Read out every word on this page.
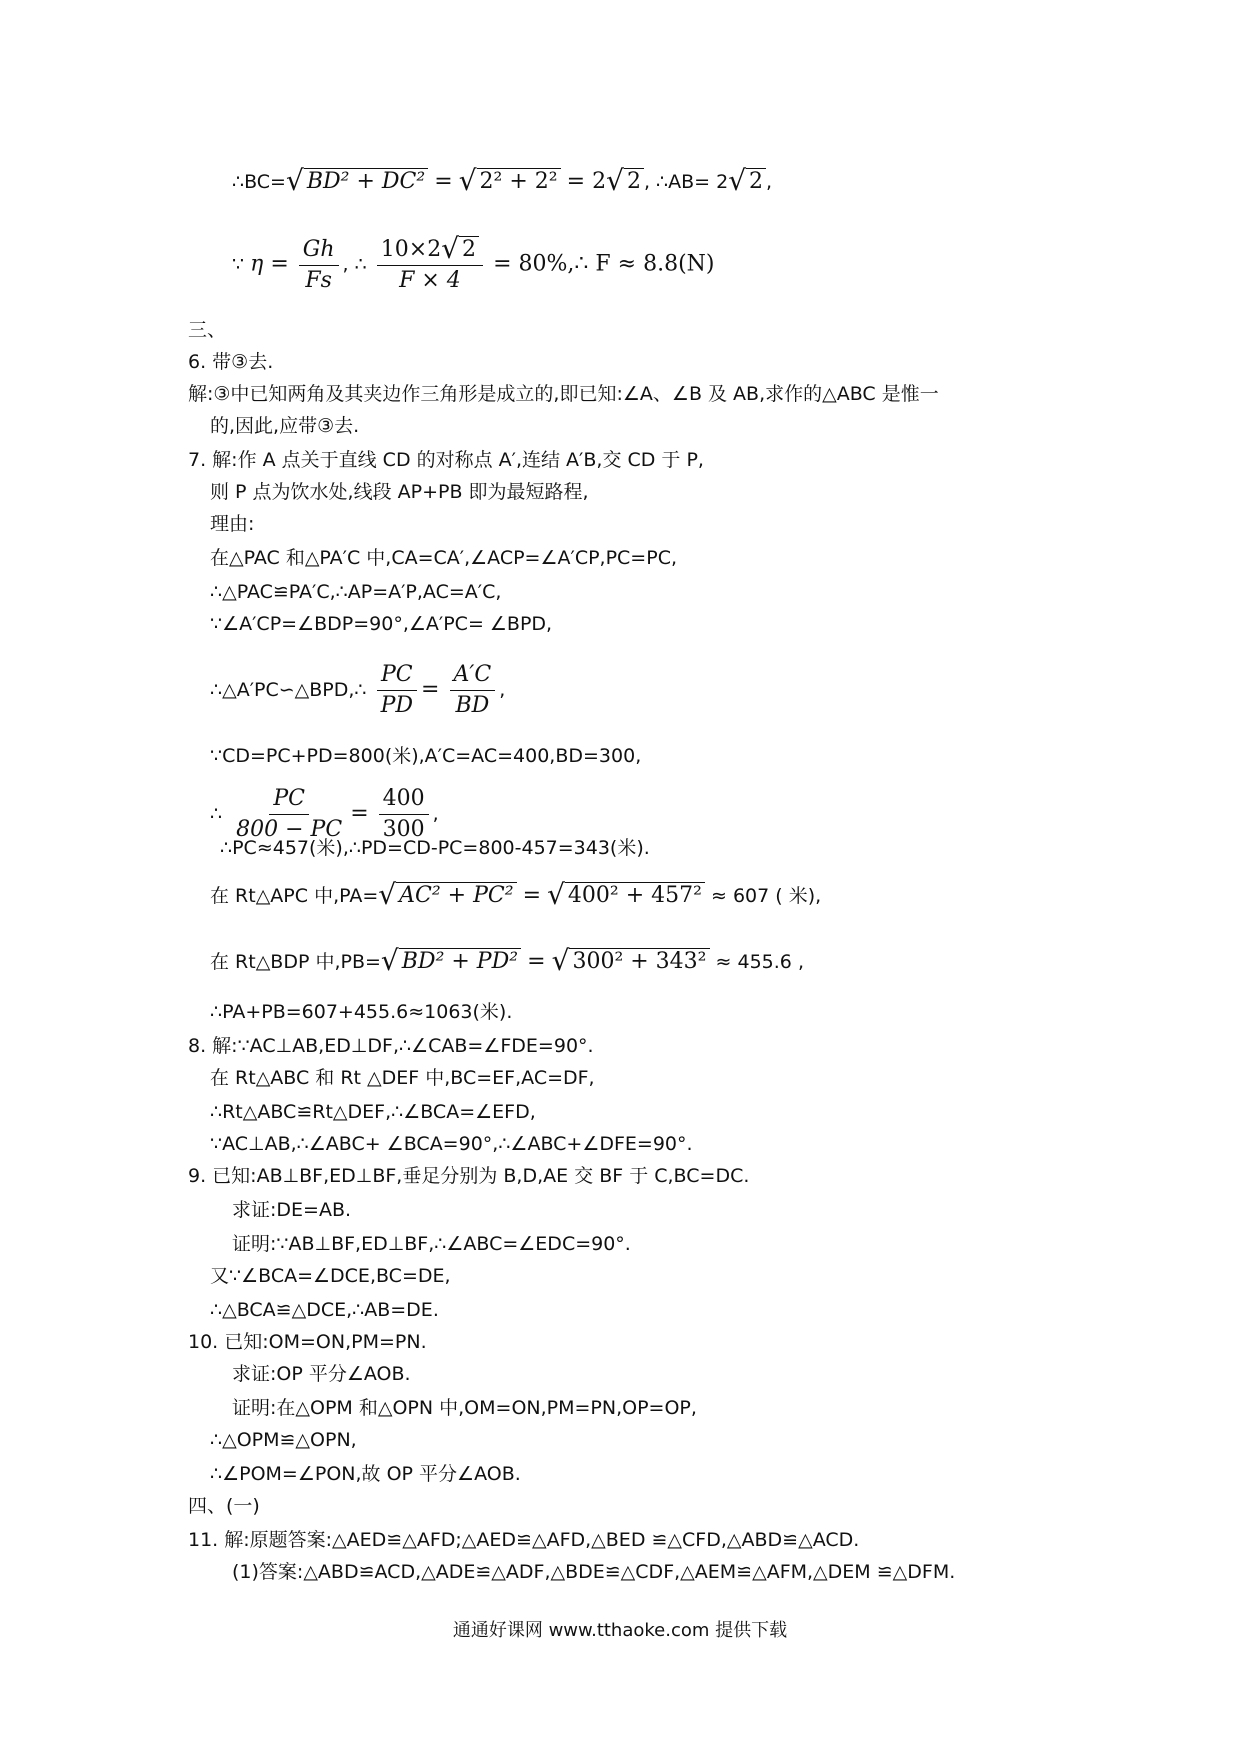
∴BC=√ BD² + DC² = √ 2² + 2² = 2√ 2 , ∴AB= 2√ 2 ,
∵ $\eta = \frac{Gh}{Fs}$ , ∴ $\frac{10\times 2√ 2}{F \times 4}$ = 80%,∴ F ≈ 8.8(N)
三、
6. 带③去.
解:③中已知两角及其夹边作三角形是成立的,即已知:∠A、∠B 及 AB,求作的△ABC 是惟一
的,因此,应带③去.
7. 解:作 A 点关于直线 CD 的对称点 A′,连结 A′B,交 CD 于 P,
则 P 点为饮水处,线段 AP+PB 即为最短路程,
理由:
在△PAC 和△PA′C 中,CA=CA′,∠ACP=∠A′CP,PC=PC,
∴△PAC≌PA′C,∴AP=A′P,AC=A′C,
∵∠A′CP=∠BDP=90°,∠A′PC= ∠BPD,
∴△A′PC∽△BPD,∴ $\frac{PC}{PD} = \frac{A'C}{BD}$ ,
∵CD=PC+PD=800(米),A′C=AC=400,BD=300,
∴ $\frac{PC}{800 - PC} = \frac{400}{300}$ ,
∴PC≈457(米),∴PD=CD-PC=800-457=343(米).
在 Rt△APC 中,PA=√ AC² + PC² = √ 400² + 457² ≈ 607 ( 米),
在 Rt△BDP 中,PB=√ BD² + PD² = √ 300² + 343² ≈ 455.6 ,
∴PA+PB=607+455.6≈1063(米).
8. 解:∵AC⊥AB,ED⊥DF,∴∠CAB=∠FDE=90°.
在 Rt△ABC 和 Rt △DEF 中,BC=EF,AC=DF,
∴Rt△ABC≌Rt△DEF,∴∠BCA=∠EFD,
∵AC⊥AB,∴∠ABC+ ∠BCA=90°,∴∠ABC+∠DFE=90°.
9. 已知:AB⊥BF,ED⊥BF,垂足分别为 B,D,AE 交 BF 于 C,BC=DC.
求证:DE=AB.
证明:∵AB⊥BF,ED⊥BF,∴∠ABC=∠EDC=90°.
又∵∠BCA=∠DCE,BC=DE,
∴△BCA≌△DCE,∴AB=DE.
10. 已知:OM=ON,PM=PN.
求证:OP 平分∠AOB.
证明:在△OPM 和△OPN 中,OM=ON,PM=PN,OP=OP,
∴△OPM≌△OPN,
∴∠POM=∠PON,故 OP 平分∠AOB.
四、(一)
11. 解:原题答案:△AED≌△AFD;△AED≌△AFD,△BED ≌△CFD,△ABD≌△ACD.
(1)答案:△ABD≌ACD,△ADE≌△ADF,△BDE≌△CDF,△AEM≌△AFM,△DEM ≌△DFM.
通通好课网 www.tthaoke.com 提供下载
